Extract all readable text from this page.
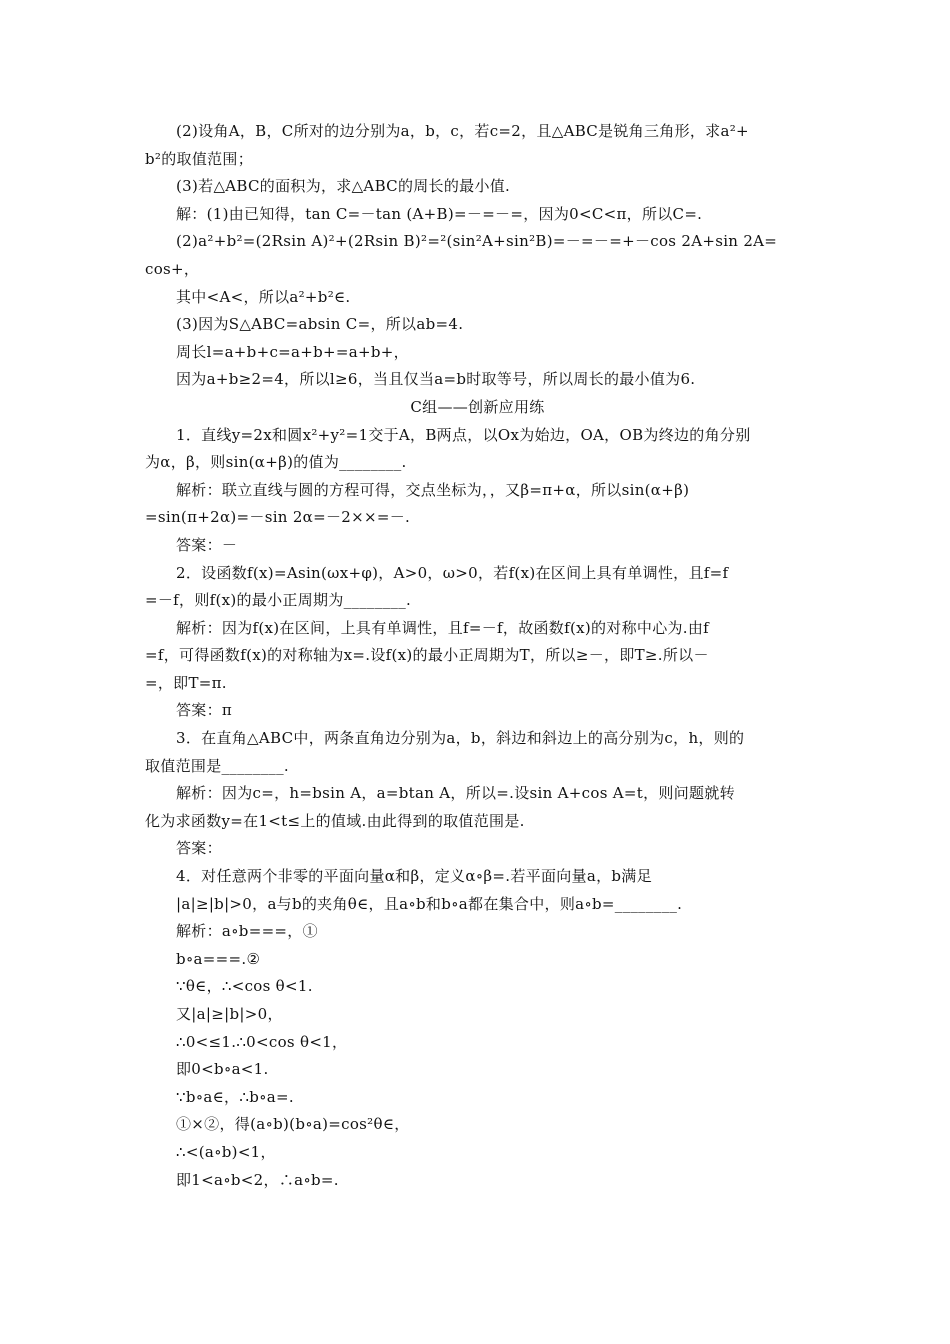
(2)设角A，B，C所对的边分别为a，b，c，若c=2，且△ABC是锐角三角形，求a²+
b²的取值范围；
(3)若△ABC的面积为，求△ABC的周长的最小值.
解：(1)由已知得，tan C=－tan (A+B)=－=－=，因为0<C<π，所以C=.
(2)a²+b²=(2Rsin A)²+(2Rsin B)²=²(sin²A+sin²B)=－=－=+－cos 2A+sin 2A=
cos+，
其中<A<，所以a²+b²∈.
(3)因为S△ABC=absin C=，所以ab=4.
周长l=a+b+c=a+b+=a+b+，
因为a+b≥2=4，所以l≥6，当且仅当a=b时取等号，所以周长的最小值为6.
C组——创新应用练
1．直线y=2x和圆x²+y²=1交于A，B两点，以Ox为始边，OA，OB为终边的角分别
为α，β，则sin(α+β)的值为________.
解析：联立直线与圆的方程可得，交点坐标为，，又β=π+α，所以sin(α+β)
=sin(π+2α)=－sin 2α=－2××=－.
答案：－
2．设函数f(x)=Asin(ωx+φ)，A>0，ω>0，若f(x)在区间上具有单调性，且f=f
=－f，则f(x)的最小正周期为________.
解析：因为f(x)在区间，上具有单调性，且f=－f，故函数f(x)的对称中心为.由f
=f，可得函数f(x)的对称轴为x=.设f(x)的最小正周期为T，所以≥－，即T≥.所以－
=，即T=π.
答案：π
3．在直角△ABC中，两条直角边分别为a，b，斜边和斜边上的高分别为c，h，则的
取值范围是________.
解析：因为c=，h=bsin A，a=btan A，所以=.设sin A+cos A=t，则问题就转
化为求函数y=在1<t≤上的值域.由此得到的取值范围是.
答案：
4．对任意两个非零的平面向量α和β，定义α∘β=.若平面向量a，b满足
|a|≥|b|>0，a与b的夹角θ∈，且a∘b和b∘a都在集合中，则a∘b=________.
解析：a∘b===，①
b∘a===.②
∵θ∈，∴<cos θ<1.
又|a|≥|b|>0，
∴0<≤1.∴0<cos θ<1，
即0<b∘a<1.
∵b∘a∈，∴b∘a=.
①×②，得(a∘b)(b∘a)=cos²θ∈，
∴<(a∘b)<1，
即1<a∘b<2，∴a∘b=.
